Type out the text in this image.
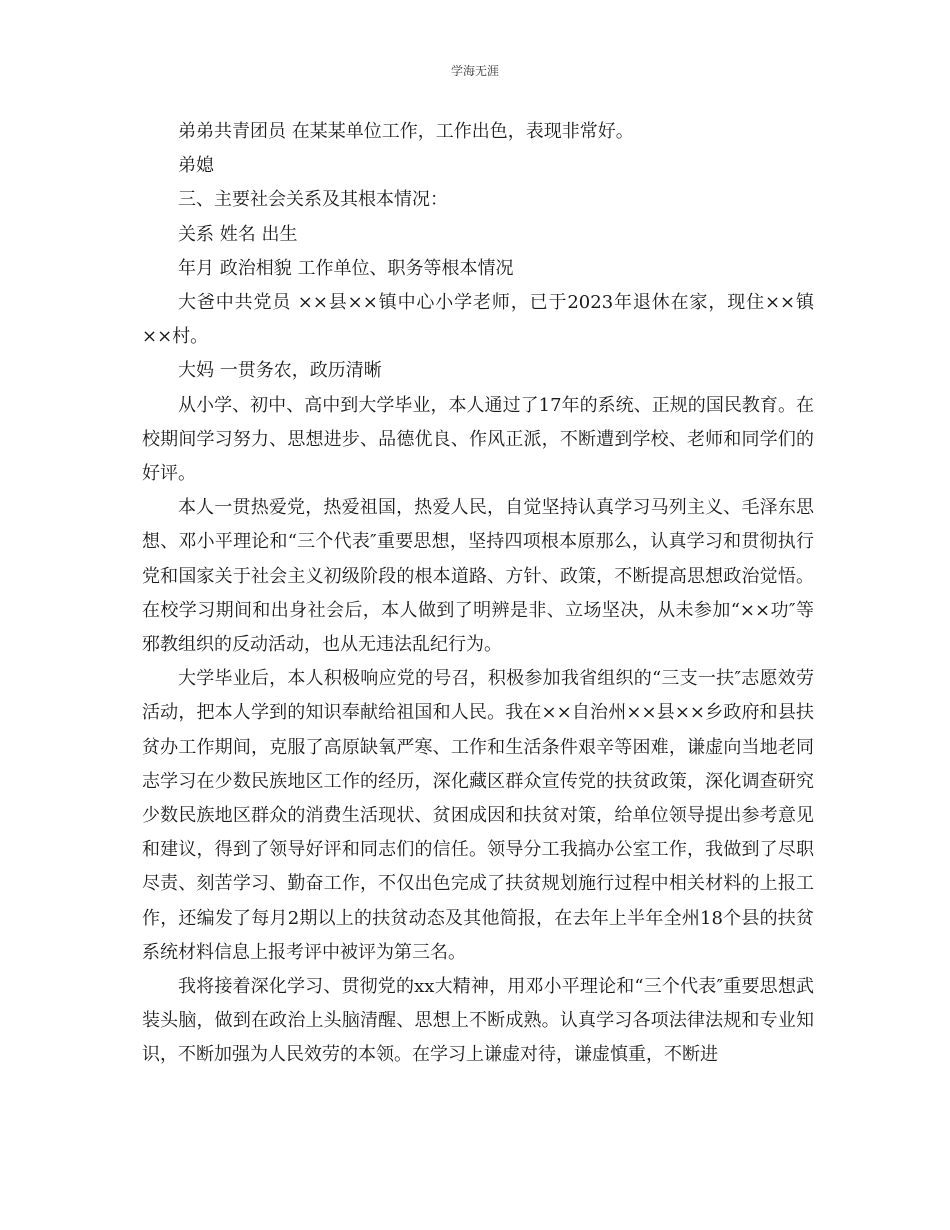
学海无涯

弟弟共青团员 在某某单位工作，工作出色，表现非常好。

弟媳

三、主要社会关系及其根本情况：

关系 姓名 出生

年月 政治相貌 工作单位、职务等根本情况

大爸中共党员 ××县××镇中心小学老师，已于2023年退休在家，现住××镇××村。

大妈 一贯务农，政历清晰

从小学、初中、高中到大学毕业，本人通过了17年的系统、正规的国民教育。在校期间学习努力、思想进步、品德优良、作风正派，不断遭到学校、老师和同学们的好评。

本人一贯热爱党，热爱祖国，热爱人民，自觉坚持认真学习马列主义、毛泽东思想、邓小平理论和“三个代表″重要思想，坚持四项根本原那么，认真学习和贯彻执行党和国家关于社会主义初级阶段的根本道路、方针、政策，不断提高思想政治觉悟。在校学习期间和出身社会后，本人做到了明辨是非、立场坚决，从未参加“××功″等邪教组织的反动活动，也从无违法乱纪行为。

大学毕业后，本人积极响应党的号召，积极参加我省组织的“三支一扶″志愿效劳活动，把本人学到的知识奉献给祖国和人民。我在××自治州××县××乡政府和县扶贫办工作期间，克服了高原缺氧严寒、工作和生活条件艰辛等困难，谦虚向当地老同志学习在少数民族地区工作的经历，深化藏区群众宣传党的扶贫政策，深化调查研究少数民族地区群众的消费生活现状、贫困成因和扶贫对策，给单位领导提出参考意见和建议，得到了领导好评和同志们的信任。领导分工我搞办公室工作，我做到了尽职尽责、刻苦学习、勤奋工作，不仅出色完成了扶贫规划施行过程中相关材料的上报工作，还编发了每月2期以上的扶贫动态及其他简报，在去年上半年全州18个县的扶贫系统材料信息上报考评中被评为第三名。

我将接着深化学习、贯彻党的xx大精神，用邓小平理论和“三个代表″重要思想武装头脑，做到在政治上头脑清醒、思想上不断成熟。认真学习各项法律法规和专业知识，不断加强为人民效劳的本领。在学习上谦虚对待，谦虚慎重，不断进
